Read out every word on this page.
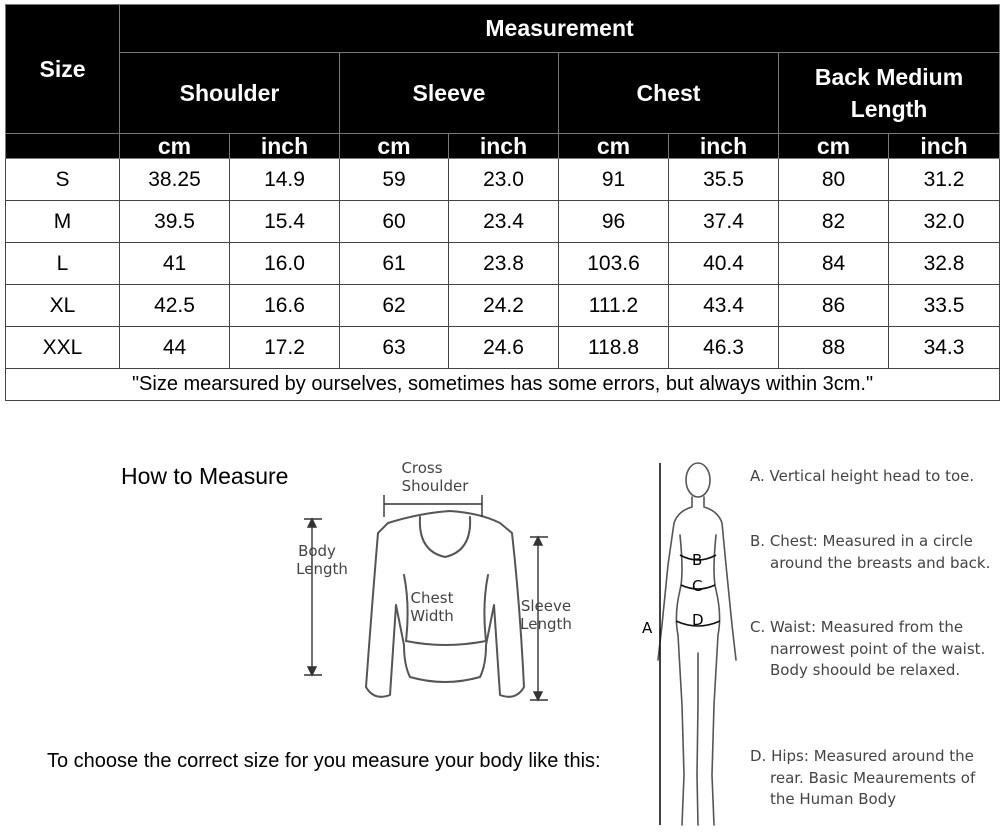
Size	Measurement							
	Shoulder		Sleeve		Chest		Back Medium
Length	
	cm	inch	cm	inch	cm	inch	cm	inch
S	38.25	14.9	59	23.0	91	35.5	80	31.2
M	39.5	15.4	60	23.4	96	37.4	82	32.0
L	41	16.0	61	23.8	103.6	40.4	84	32.8
XL	42.5	16.6	62	24.2	111.2	43.4	86	33.5
XXL	44	17.2	63	24.6	118.8	46.3	88	34.3
"Size mearsured by ourselves, sometimes has some errors, but always within 3cm."								
How to Measure
To choose the correct size for you measure your body like this:
Cross
Shoulder
Body
Length
Chest
Width
Sleeve
Length
B
C
D
A

A. Vertical height head to toe.

B. Chest: Measured in a circle around the breasts and back.

C. Waist: Measured from the narrowest point of the waist. Body shoould be relaxed.

D. Hips: Measured around the rear. Basic Meaurements of the Human Body
